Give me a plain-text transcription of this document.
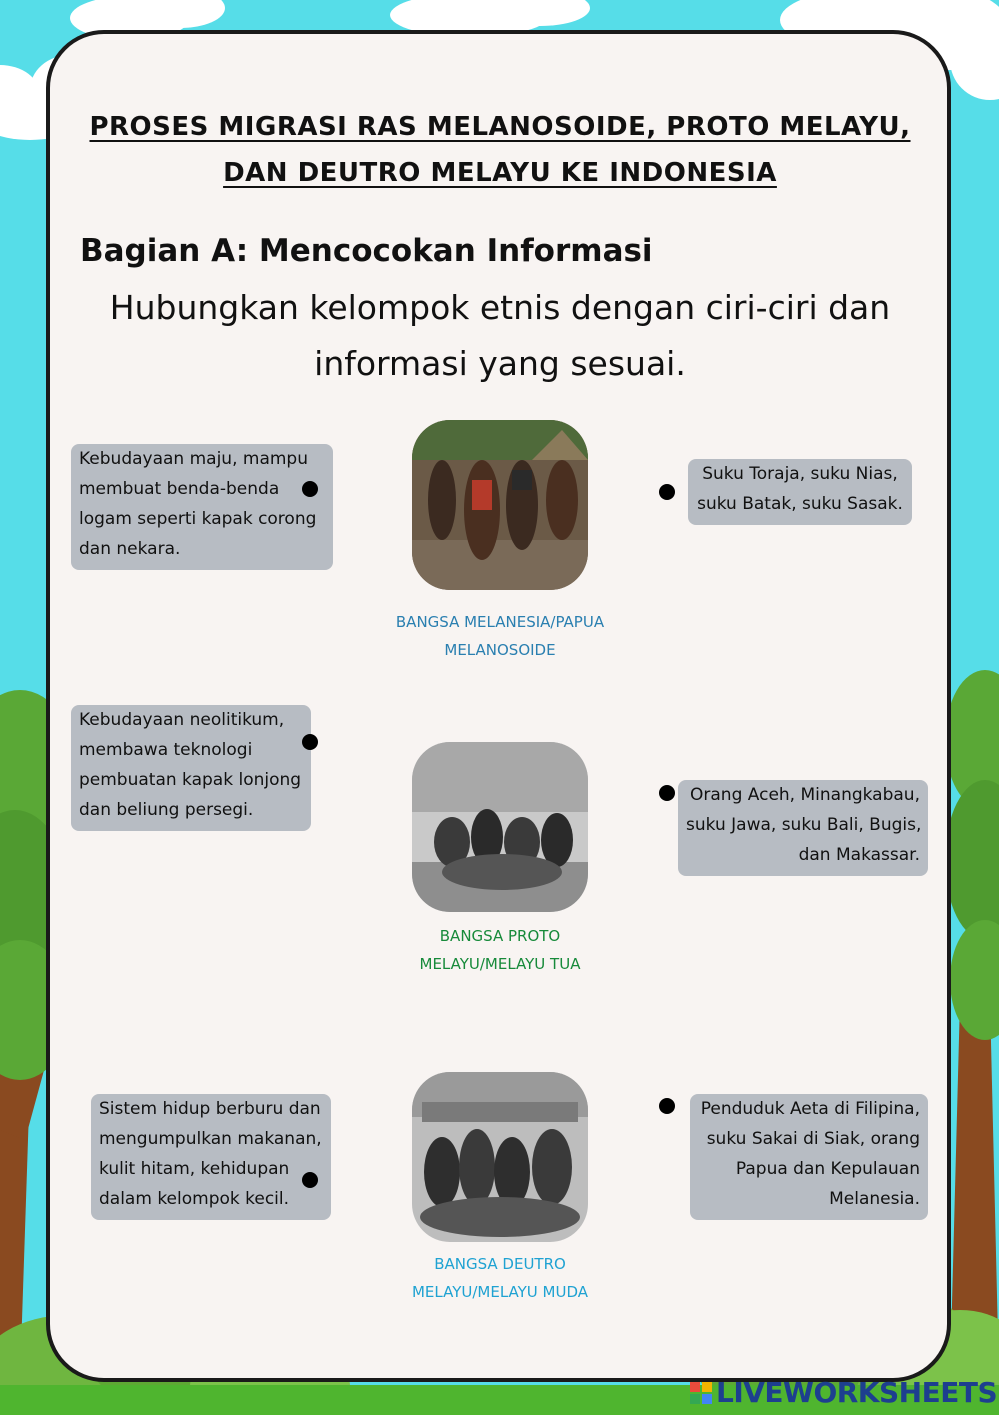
PROSES MIGRASI RAS MELANOSOIDE, PROTO MELAYU,
DAN DEUTRO MELAYU KE INDONESIA
Bagian A: Mencocokan Informasi
Hubungkan kelompok etnis dengan ciri-ciri dan
informasi yang sesuai.
Kebudayaan maju, mampu
membuat benda-benda
logam seperti kapak corong
dan nekara.
Kebudayaan neolitikum,
membawa teknologi
pembuatan kapak lonjong
dan beliung persegi.
Sistem hidup berburu dan
mengumpulkan makanan,
kulit hitam, kehidupan
dalam kelompok kecil.
Suku Toraja, suku Nias,
suku Batak, suku Sasak.
Orang Aceh, Minangkabau,
suku Jawa, suku Bali, Bugis,
dan Makassar.
Penduduk Aeta di Filipina,
suku Sakai di Siak, orang
Papua dan Kepulauan
Melanesia.
BANGSA MELANESIA/PAPUA
MELANOSOIDE
BANGSA PROTO
MELAYU/MELAYU TUA
BANGSA DEUTRO
MELAYU/MELAYU MUDA
LIVEWORKSHEETS
